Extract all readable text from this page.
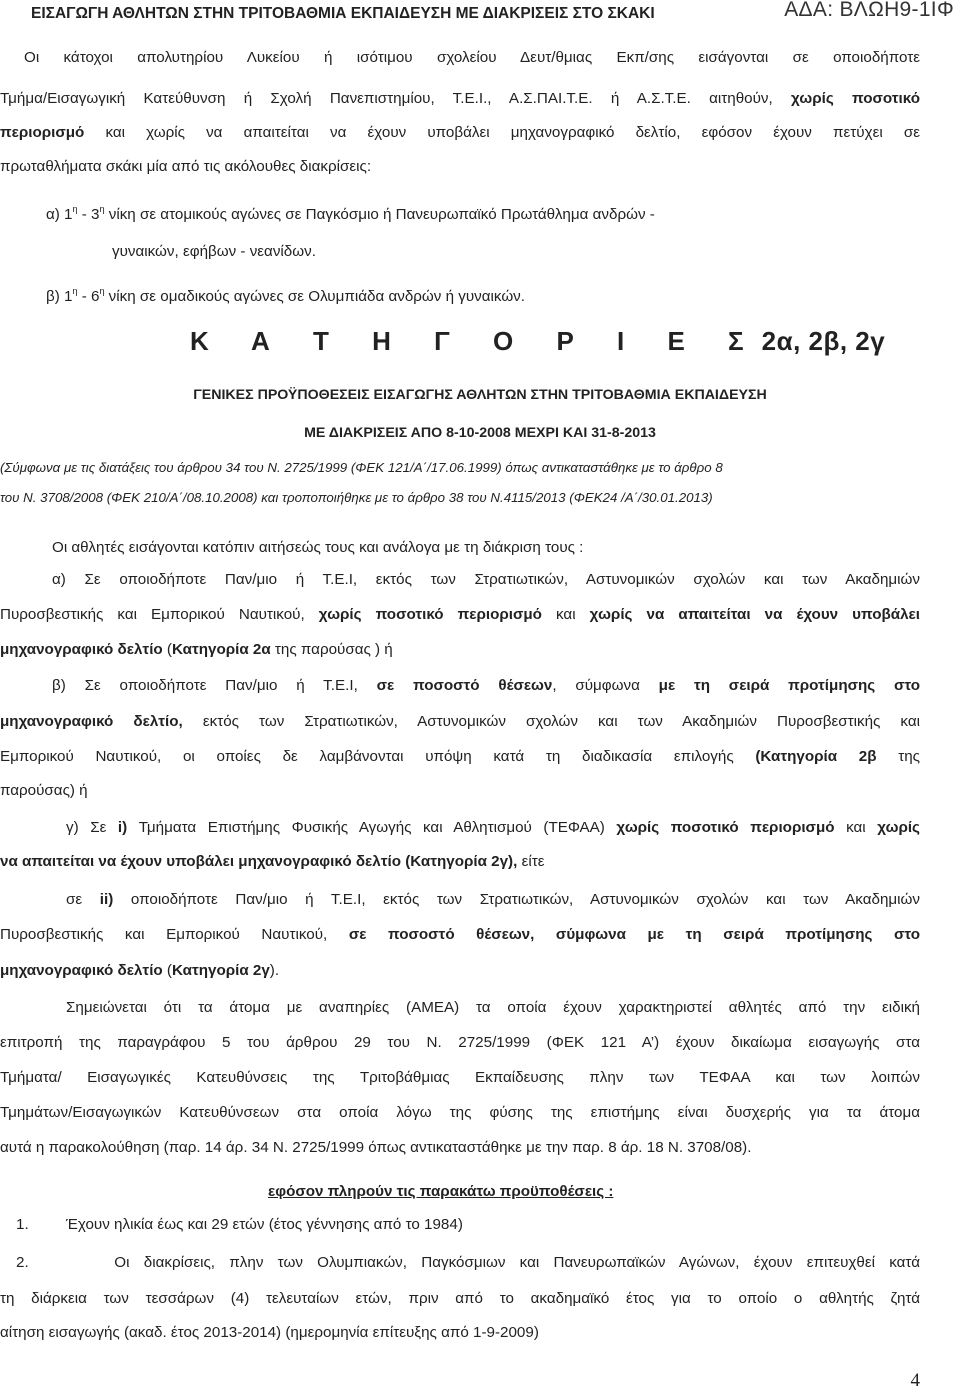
ΕΙΣΑΓΩΓΗ ΑΘΛΗΤΩΝ ΣΤΗΝ ΤΡΙΤΟΒΑΘΜΙΑ ΕΚΠΑΙΔΕΥΣΗ ΜΕ ΔΙΑΚΡΙΣΕΙΣ ΣΤΟ ΣΚΑΚΙ	ΑΔΑ: ΒΛΩΗ9-1ΙΦ
Οι κάτοχοι απολυτηρίου Λυκείου ή ισότιμου σχολείου Δευτ/θμιας Εκπ/σης εισάγονται σε οποιοδήποτε
Τμήμα/Εισαγωγική Κατεύθυνση ή Σχολή Πανεπιστημίου, Τ.Ε.Ι., Α.Σ.ΠΑΙ.Τ.Ε. ή Α.Σ.Τ.Ε. αιτηθούν, χωρίς ποσοτικό
περιορισμό και χωρίς να απαιτείται να έχουν υποβάλει μηχανογραφικό δελτίο, εφόσον έχουν πετύχει σε
πρωταθλήματα σκάκι μία από τις ακόλουθες διακρίσεις:
α) $1^\eta - 3^\eta$ νίκη σε ατομικούς αγώνες σε Παγκόσμιο ή Πανευρωπαϊκό Πρωτάθλημα ανδρών -
γυναικών, εφήβων - νεανίδων.
β) $1^\eta - 6^\eta$ νίκη σε ομαδικούς αγώνες σε Ολυμπιάδα ανδρών ή γυναικών.
Κ Α Τ Η Γ Ο Ρ Ι Ε Σ2α, 2β, 2γ
ΓΕΝΙΚΕΣ ΠΡΟΫΠΟΘΕΣΕΙΣ ΕΙΣΑΓΩΓΗΣ ΑΘΛΗΤΩΝ ΣΤΗΝ ΤΡΙΤΟΒΑΘΜΙΑ ΕΚΠΑΙΔΕΥΣΗ
ΜΕ ΔΙΑΚΡΙΣΕΙΣ ΑΠΟ 8-10-2008 ΜΕΧΡΙ ΚΑΙ 31-8-2013
(Σύμφωνα με τις διατάξεις του άρθρου 34 του Ν. 2725/1999 (ΦΕΚ 121/Α΄/17.06.1999) όπως αντικαταστάθηκε με το άρθρο 8
του Ν. 3708/2008 (ΦΕΚ 210/Α΄/08.10.2008) και τροποποιήθηκε με το άρθρο 38 του Ν.4115/2013 (ΦΕΚ24 /Α΄/30.01.2013)
Οι αθλητές εισάγονται κατόπιν αιτήσεώς τους και ανάλογα με τη διάκριση τους :
α) Σε οποιοδήποτε Παν/μιο ή Τ.Ε.Ι, εκτός των Στρατιωτικών, Αστυνομικών σχολών και των Ακαδημιών
Πυροσβεστικής και Εμπορικού Ναυτικού, χωρίς ποσοτικό περιορισμό και χωρίς να απαιτείται να έχουν υποβάλει
μηχανογραφικό δελτίο (Κατηγορία 2α της παρούσας ) ή
β) Σε οποιοδήποτε Παν/μιο ή Τ.Ε.Ι, σε ποσοστό θέσεων, σύμφωνα με τη σειρά προτίμησης στο
μηχανογραφικό δελτίο, εκτός των Στρατιωτικών, Αστυνομικών σχολών και των Ακαδημιών Πυροσβεστικής και
Εμπορικού Ναυτικού, οι οποίες δε λαμβάνονται υπόψη κατά τη διαδικασία επιλογής (Κατηγορία 2β της
παρούσας) ή
γ) Σε i) Τμήματα Επιστήμης Φυσικής Αγωγής και Αθλητισμού (ΤΕΦΑΑ) χωρίς ποσοτικό περιορισμό και χωρίς
να απαιτείται να έχουν υποβάλει μηχανογραφικό δελτίο (Κατηγορία 2γ), είτε
σε ii) οποιοδήποτε Παν/μιο ή Τ.Ε.Ι, εκτός των Στρατιωτικών, Αστυνομικών σχολών και των Ακαδημιών
Πυροσβεστικής και Εμπορικού Ναυτικού, σε ποσοστό θέσεων, σύμφωνα με τη σειρά προτίμησης στο
μηχανογραφικό δελτίο (Κατηγορία 2γ).
Σημειώνεται ότι τα άτομα με αναπηρίες (ΑΜΕΑ) τα οποία έχουν χαρακτηριστεί αθλητές από την ειδική
επιτροπή της παραγράφου 5 του άρθρου 29 του Ν. 2725/1999 (ΦΕΚ 121 Α’) έχουν δικαίωμα εισαγωγής στα
Τμήματα/ Εισαγωγικές Κατευθύνσεις της Τριτοβάθμιας Εκπαίδευσης πλην των ΤΕΦΑΑ και των λοιπών
Τμημάτων/Εισαγωγικών Κατευθύνσεων στα οποία λόγω της φύσης της επιστήμης είναι δυσχερής για τα άτομα
αυτά η παρακολούθηση (παρ. 14 άρ. 34 Ν. 2725/1999 όπως αντικαταστάθηκε με την παρ. 8 άρ. 18 Ν. 3708/08).
εφόσον πληρούν τις παρακάτω προϋποθέσεις :
1. Έχουν ηλικία έως και 29 ετών (έτος γέννησης από το 1984)
2.	Οι διακρίσεις, πλην των Ολυμπιακών, Παγκόσμιων και Πανευρωπαϊκών Αγώνων, έχουν επιτευχθεί κατά
τη διάρκεια των τεσσάρων (4) τελευταίων ετών, πριν από το ακαδημαϊκό έτος για το οποίο ο αθλητής ζητά
αίτηση εισαγωγής (ακαδ. έτος 2013-2014) (ημερομηνία επίτευξης από 1-9-2009)
4
